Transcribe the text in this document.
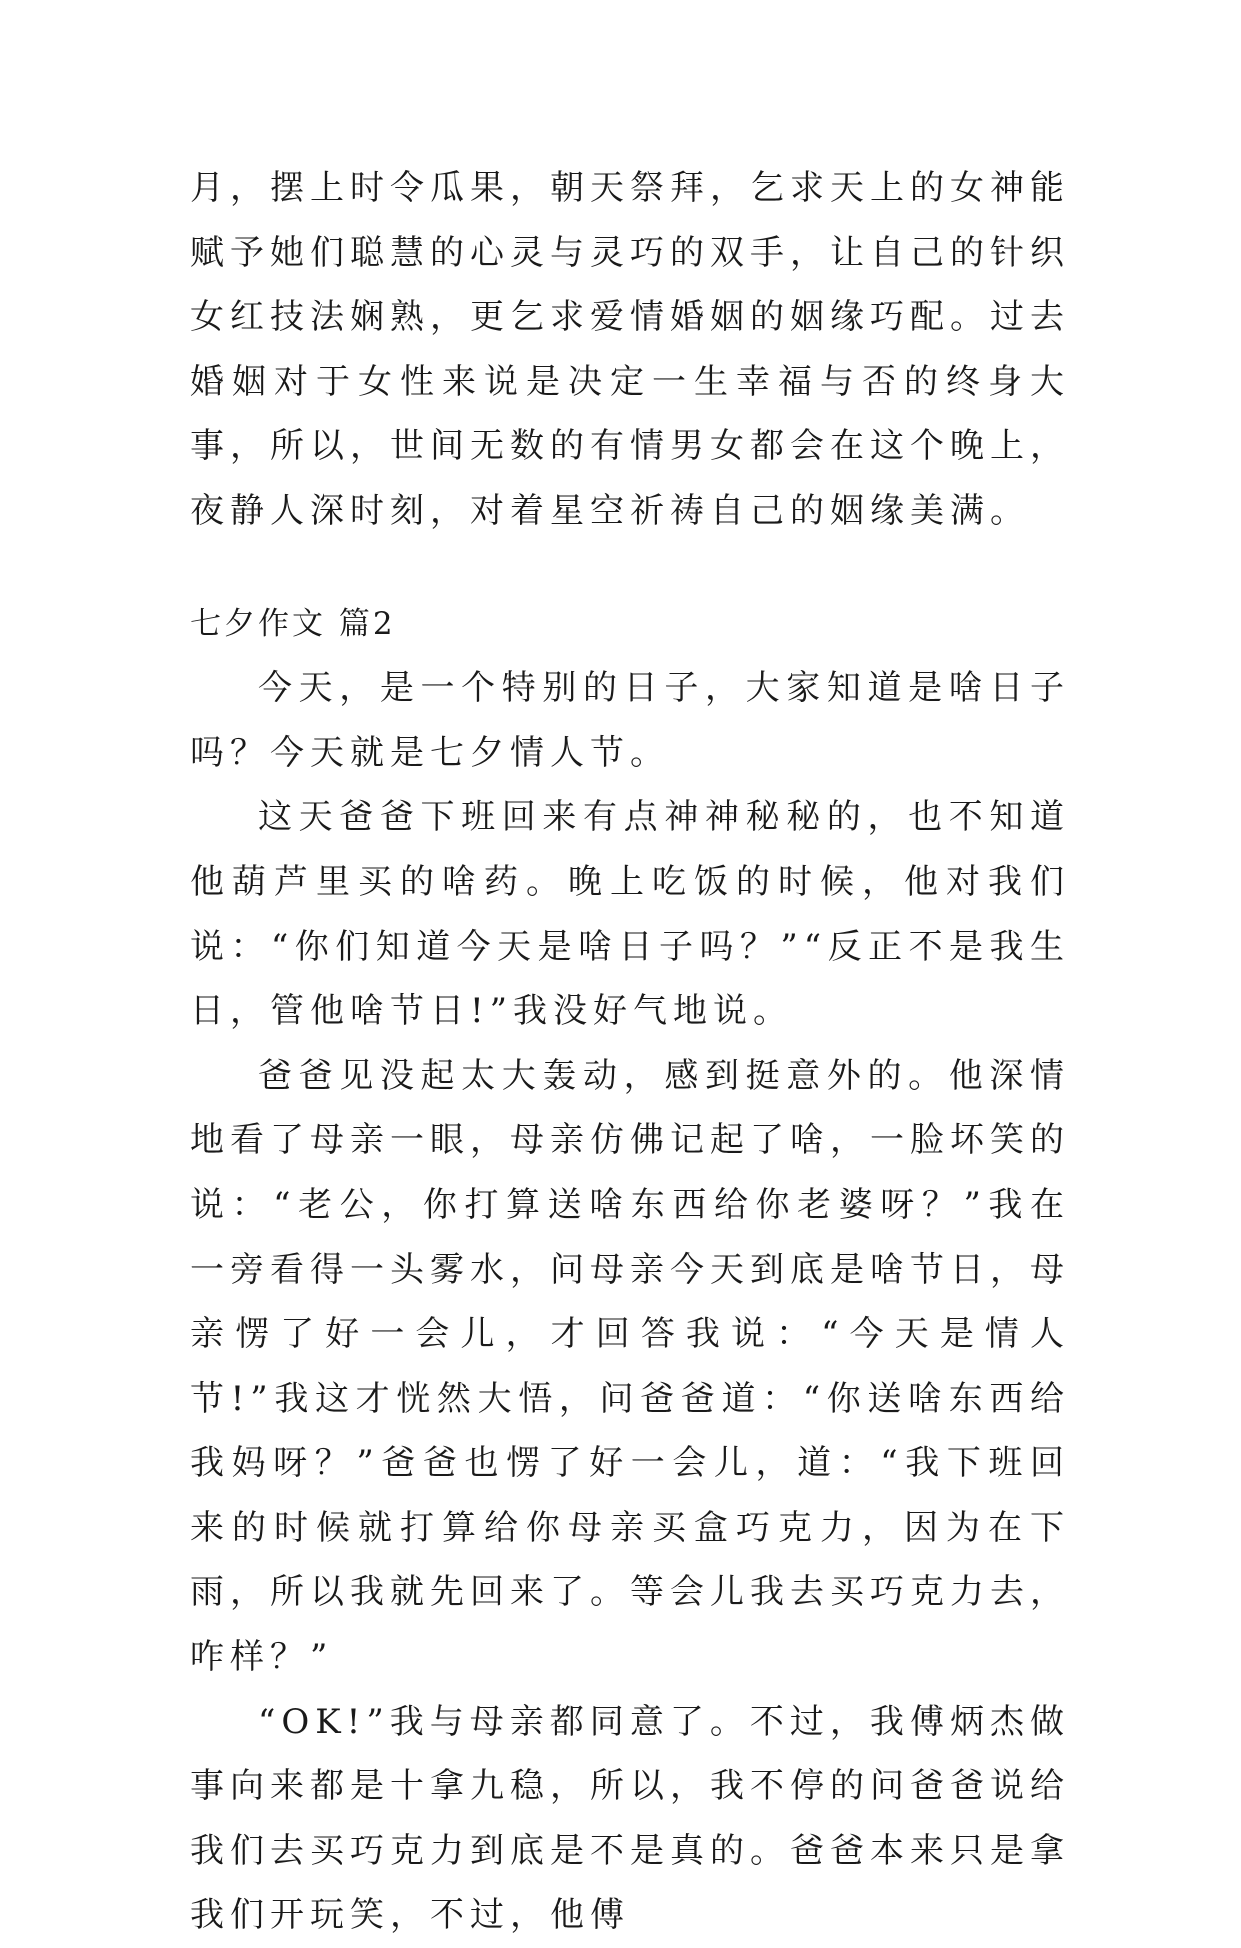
月，摆上时令瓜果，朝天祭拜，乞求天上的女神能赋予她们聪慧的心灵与灵巧的双手，让自己的针织女红技法娴熟，更乞求爱情婚姻的姻缘巧配。过去婚姻对于女性来说是决定一生幸福与否的终身大事，所以，世间无数的有情男女都会在这个晚上，夜静人深时刻，对着星空祈祷自己的姻缘美满。

七夕作文 篇2

今天，是一个特别的日子，大家知道是啥日子吗？今天就是七夕情人节。

这天爸爸下班回来有点神神秘秘的，也不知道他葫芦里买的啥药。晚上吃饭的时候，他对我们说：“你们知道今天是啥日子吗？”“反正不是我生日，管他啥节日!”我没好气地说。

爸爸见没起太大轰动，感到挺意外的。他深情地看了母亲一眼，母亲仿佛记起了啥，一脸坏笑的说：“老公，你打算送啥东西给你老婆呀？”我在一旁看得一头雾水，问母亲今天到底是啥节日，母亲愣了好一会儿，才回答我说：“今天是情人节!”我这才恍然大悟，问爸爸道：“你送啥东西给我妈呀？”爸爸也愣了好一会儿，道：“我下班回来的时候就打算给你母亲买盒巧克力，因为在下雨，所以我就先回来了。等会儿我去买巧克力去，咋样？”

“OK!”我与母亲都同意了。不过，我傅炳杰做事向来都是十拿九稳，所以，我不停的问爸爸说给我们去买巧克力到底是不是真的。爸爸本来只是拿我们开玩笑，不过，他傅
